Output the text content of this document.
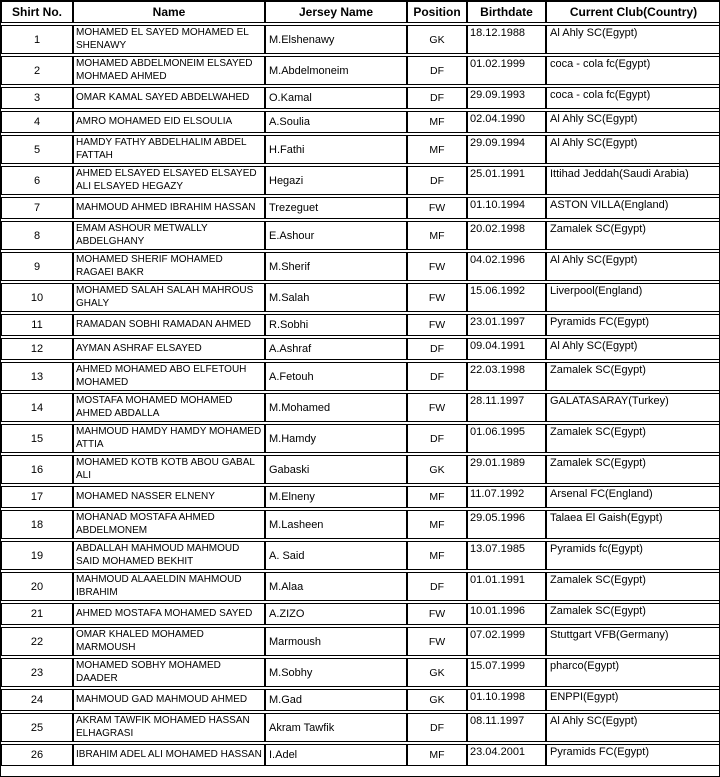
Shirt No.	Name	Jersey Name	Position	Birthdate	Current Club(Country)
1	MOHAMED EL SAYED MOHAMED EL SHENAWY	M.Elshenawy	GK	18.12.1988	Al Ahly SC(Egypt)
2	MOHAMED ABDELMONEIM ELSAYED MOHMAED AHMED	M.Abdelmoneim	DF	01.02.1999	coca - cola fc(Egypt)
3	OMAR KAMAL SAYED ABDELWAHED	O.Kamal	DF	29.09.1993	coca - cola fc(Egypt)
4	AMRO MOHAMED EID ELSOULIA	A.Soulia	MF	02.04.1990	Al Ahly SC(Egypt)
5	HAMDY FATHY ABDELHALIM ABDEL FATTAH	H.Fathi	MF	29.09.1994	Al Ahly SC(Egypt)
6	AHMED ELSAYED ELSAYED ELSAYED ALI ELSAYED HEGAZY	Hegazi	DF	25.01.1991	Ittihad Jeddah(Saudi Arabia)
7	MAHMOUD AHMED IBRAHIM HASSAN	Trezeguet	FW	01.10.1994	ASTON VILLA(England)
8	EMAM ASHOUR METWALLY ABDELGHANY	E.Ashour	MF	20.02.1998	Zamalek SC(Egypt)
9	MOHAMED SHERIF MOHAMED RAGAEI BAKR	M.Sherif	FW	04.02.1996	Al Ahly SC(Egypt)
10	MOHAMED SALAH SALAH MAHROUS GHALY	M.Salah	FW	15.06.1992	Liverpool(England)
11	RAMADAN SOBHI RAMADAN AHMED	R.Sobhi	FW	23.01.1997	Pyramids FC(Egypt)
12	AYMAN ASHRAF ELSAYED	A.Ashraf	DF	09.04.1991	Al Ahly SC(Egypt)
13	AHMED MOHAMED ABO ELFETOUH MOHAMED	A.Fetouh	DF	22.03.1998	Zamalek SC(Egypt)
14	MOSTAFA MOHAMED MOHAMED AHMED ABDALLA	M.Mohamed	FW	28.11.1997	GALATASARAY(Turkey)
15	MAHMOUD HAMDY HAMDY MOHAMED ATTIA	M.Hamdy	DF	01.06.1995	Zamalek SC(Egypt)
16	MOHAMED KOTB KOTB ABOU GABAL ALI	Gabaski	GK	29.01.1989	Zamalek SC(Egypt)
17	MOHAMED NASSER ELNENY	M.Elneny	MF	11.07.1992	Arsenal FC(England)
18	MOHANAD MOSTAFA AHMED ABDELMONEM	M.Lasheen	MF	29.05.1996	Talaea El Gaish(Egypt)
19	ABDALLAH MAHMOUD MAHMOUD SAID MOHAMED BEKHIT	A. Said	MF	13.07.1985	Pyramids fc(Egypt)
20	MAHMOUD ALAAELDIN MAHMOUD IBRAHIM	M.Alaa	DF	01.01.1991	Zamalek SC(Egypt)
21	AHMED MOSTAFA MOHAMED SAYED	A.ZIZO	FW	10.01.1996	Zamalek SC(Egypt)
22	OMAR KHALED MOHAMED MARMOUSH	Marmoush	FW	07.02.1999	Stuttgart VFB(Germany)
23	MOHAMED SOBHY MOHAMED DAADER	M.Sobhy	GK	15.07.1999	pharco(Egypt)
24	MAHMOUD GAD MAHMOUD AHMED	M.Gad	GK	01.10.1998	ENPPI(Egypt)
25	AKRAM TAWFIK MOHAMED HASSAN ELHAGRASI	Akram Tawfik	DF	08.11.1997	Al Ahly SC(Egypt)
26	IBRAHIM ADEL ALI MOHAMED HASSAN	I.Adel	MF	23.04.2001	Pyramids FC(Egypt)
